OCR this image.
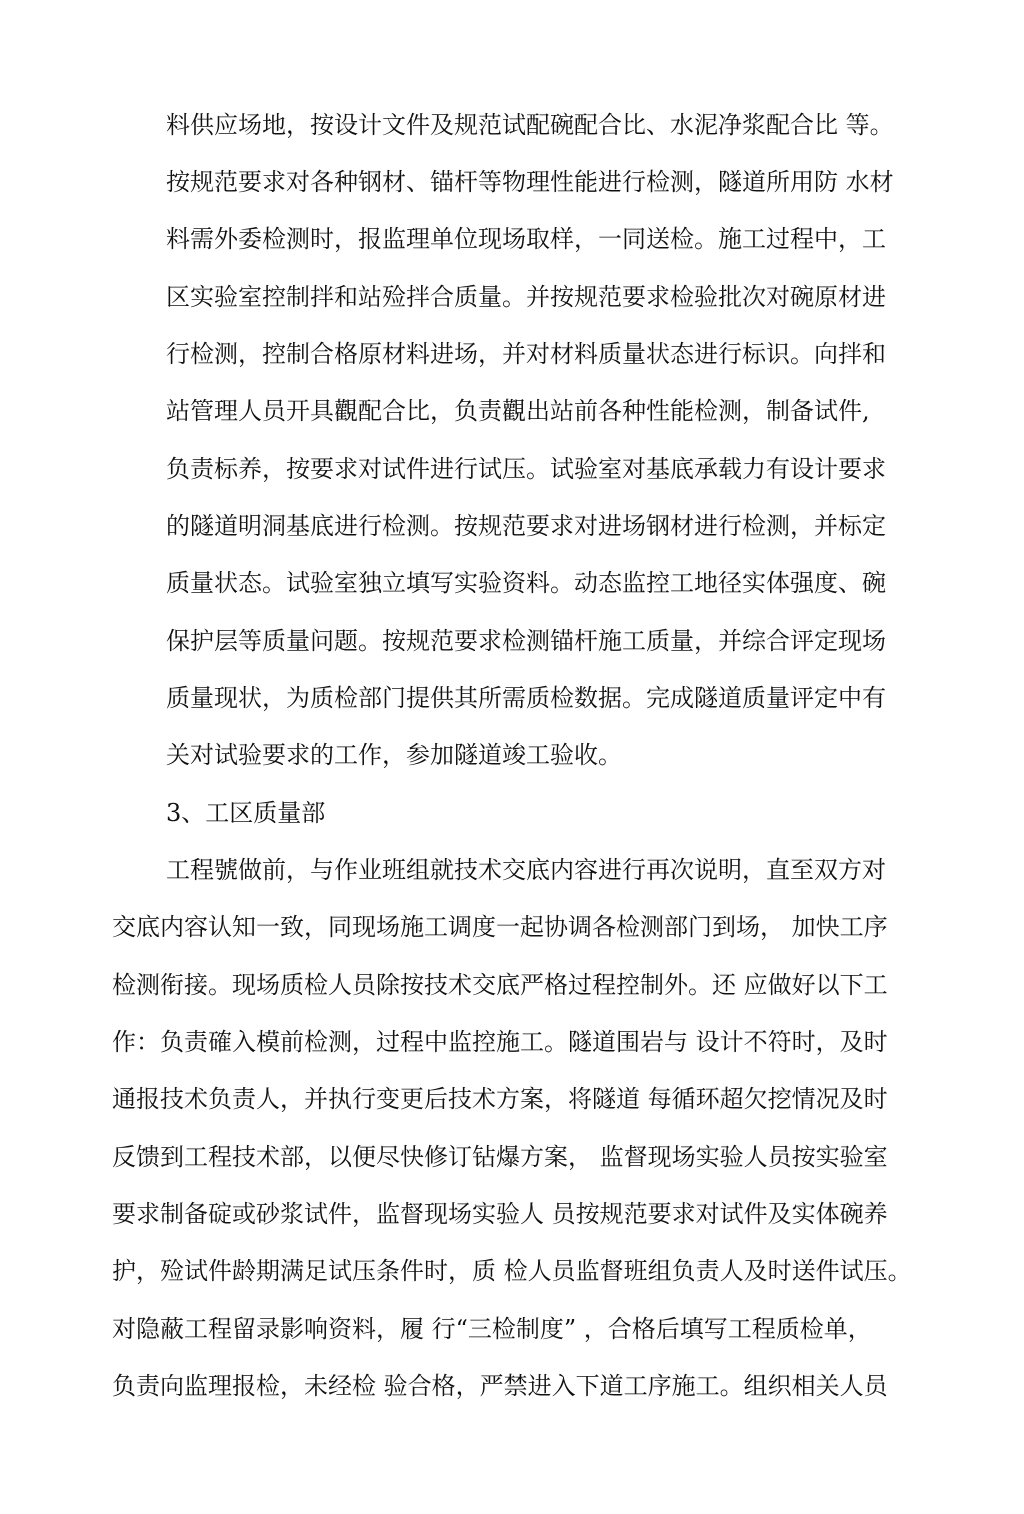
料供应场地，按设计文件及规范试配碗配合比、水泥净浆配合比 等。
按规范要求对各种钢材、锚杆等物理性能进行检测，隧道所用防 水材
料需外委检测时，报监理单位现场取样，一同送检。施工过程中，工
区实验室控制拌和站殓拌合质量。并按规范要求检验批次对碗原材进
行检测，控制合格原材料进场，并对材料质量状态进行标识。向拌和
站管理人员开具觀配合比，负责觀出站前各种性能检测，制备试件,
负责标养，按要求对试件进行试压。试验室对基底承载力有设计要求
的隧道明洞基底进行检测。按规范要求对进场钢材进行检测，并标定
质量状态。试验室独立填写实验资料。动态监控工地径实体强度、碗
保护层等质量问题。按规范要求检测锚杆施工质量，并综合评定现场
质量现状，为质检部门提供其所需质检数据。完成隧道质量评定中有
关对试验要求的工作，参加隧道竣工验收。
3、工区质量部
工程號做前，与作业班组就技术交底内容进行再次说明，直至双方对
交底内容认知一致，同现场施工调度一起协调各检测部门到场， 加快工序
检测衔接。现场质检人员除按技术交底严格过程控制外。还 应做好以下工
作：负责確入模前检测，过程中监控施工。隧道围岩与 设计不符时，及时
通报技术负责人，并执行变更后技术方案，将隧道 每循环超欠挖情况及时
反馈到工程技术部，以便尽快修订钻爆方案， 监督现场实验人员按实验室
要求制备碇或砂浆试件，监督现场实验人 员按规范要求对试件及实体碗养
护，殓试件龄期满足试压条件时，质 检人员监督班组负责人及时送件试压。
对隐蔽工程留录影响资料，履 行“三检制度” ，合格后填写工程质检单，
负责向监理报检，未经检 验合格，严禁进入下道工序施工。组织相关人员
